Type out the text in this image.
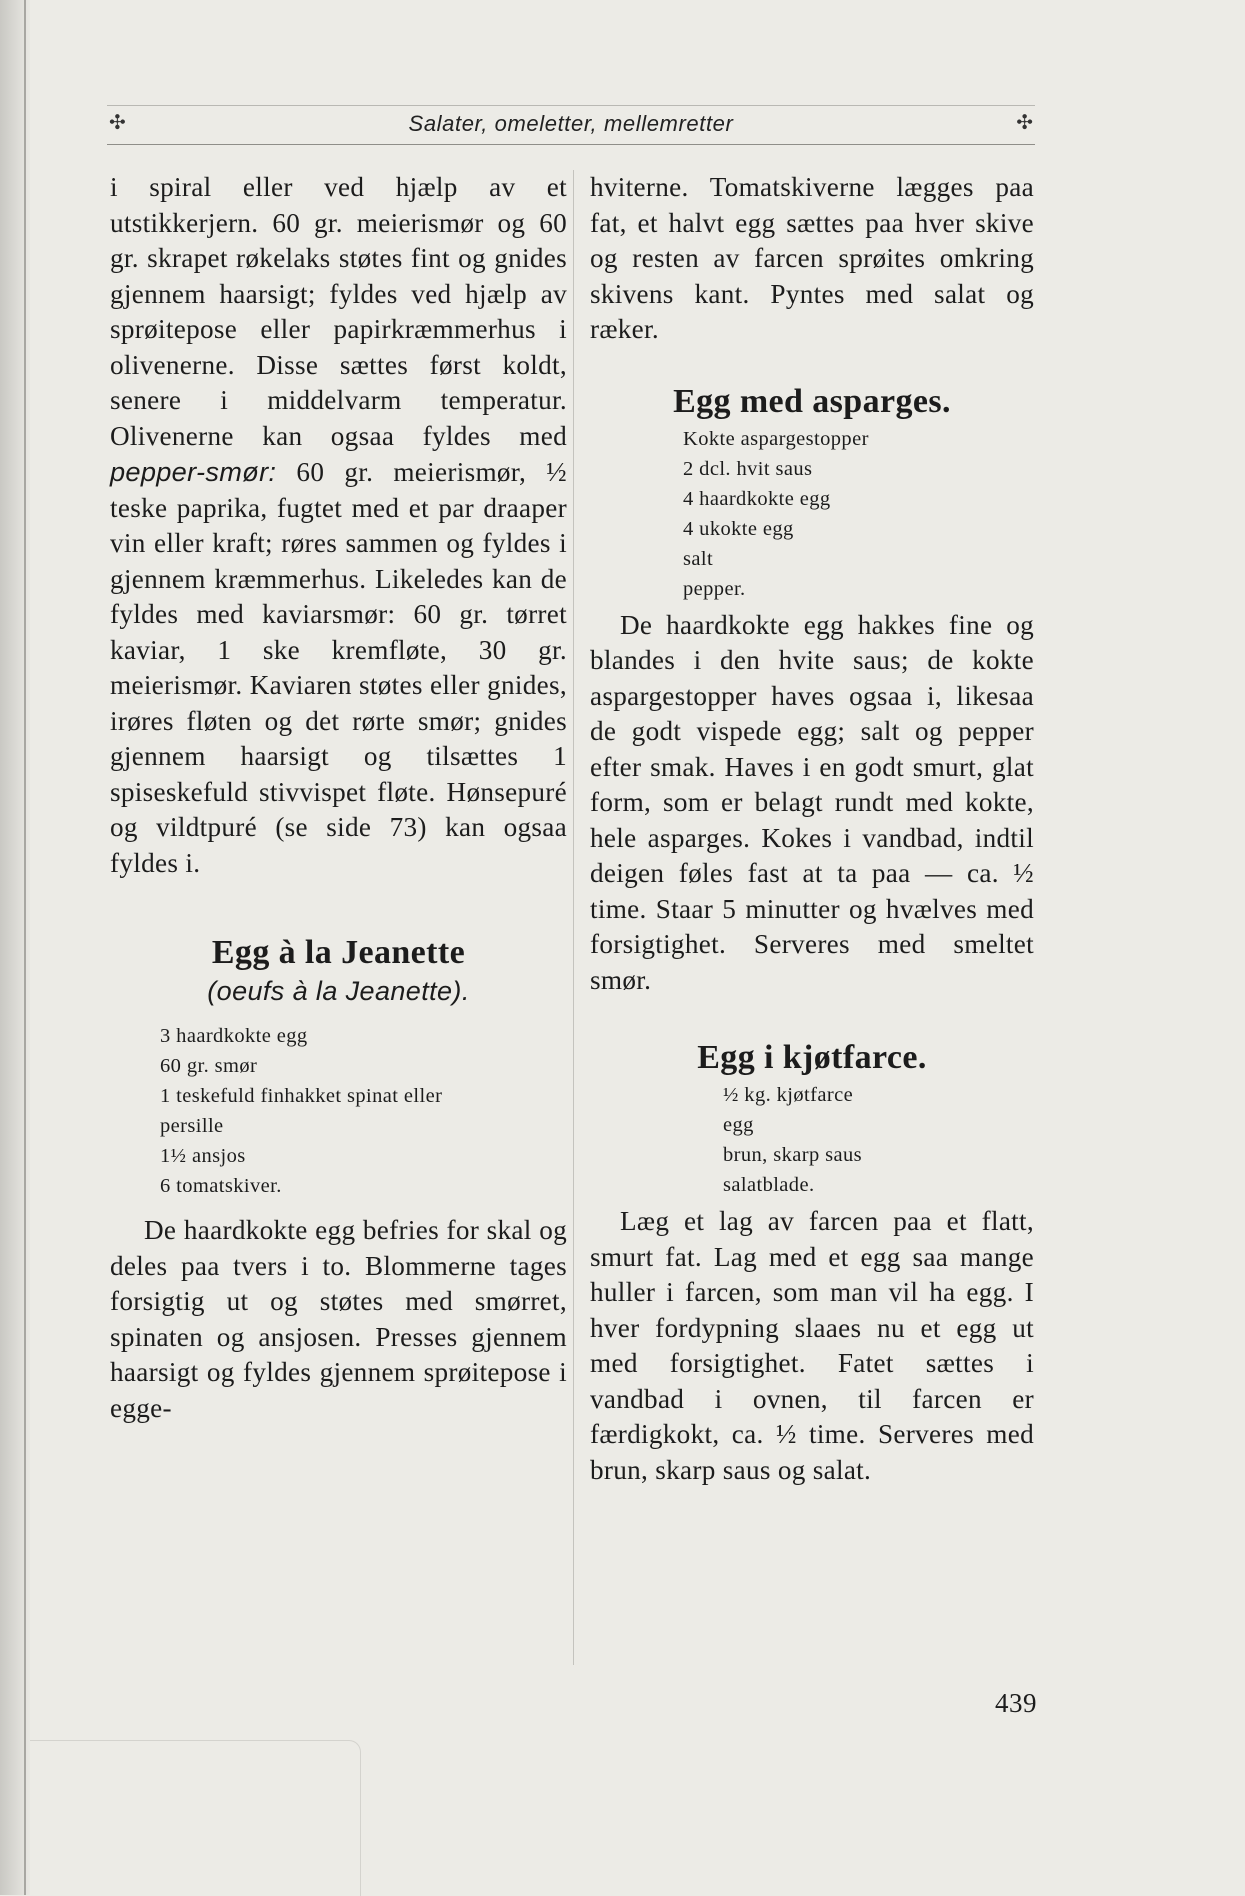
✣	Salater, omeletter, mellemretter	✣

i spiral eller ved hjælp av et utstikkerjern. 60 gr. meierismør og 60 gr. skrapet røkelaks støtes fint og gnides gjennem haarsigt; fyldes ved hjælp av sprøitepose eller papirkræmmerhus i olivenerne. Disse sættes først koldt, senere i middelvarm temperatur. Olivenerne kan ogsaa fyldes med pepper-smør: 60 gr. meierismør, ½ teske paprika, fugtet med et par draaper vin eller kraft; røres sammen og fyldes i gjennem kræmmerhus. Likeledes kan de fyldes med kaviarsmør: 60 gr. tørret kaviar, 1 ske kremfløte, 30 gr. meierismør. Kaviaren støtes eller gnides, irøres fløten og det rørte smør; gnides gjennem haarsigt og tilsættes 1 spiseskefuld stivvispet fløte. Hønsepuré og vildtpuré (se side 73) kan ogsaa fyldes i.

Egg à la Jeanette

(oeufs à la Jeanette).

3 haardkokte egg
60 gr. smør
1 teskefuld finhakket spinat eller
persille
1½ ansjos
6 tomatskiver.

De haardkokte egg befries for skal og deles paa tvers i to. Blommerne tages forsigtig ut og støtes med smørret, spinaten og ansjosen. Presses gjennem haarsigt og fyldes gjennem sprøitepose i egge-

hviterne. Tomatskiverne lægges paa fat, et halvt egg sættes paa hver skive og resten av farcen sprøites omkring skivens kant. Pyntes med salat og ræker.

Egg med asparges.
Kokte aspargestopper
2 dcl. hvit saus
4 haardkokte egg
4 ukokte egg
salt
pepper.

De haardkokte egg hakkes fine og blandes i den hvite saus; de kokte aspargestopper haves ogsaa i, likesaa de godt vispede egg; salt og pepper efter smak. Haves i en godt smurt, glat form, som er belagt rundt med kokte, hele asparges. Kokes i vandbad, indtil deigen føles fast at ta paa — ca. ½ time. Staar 5 minutter og hvælves med forsigtighet. Serveres med smeltet smør.

Egg i kjøtfarce.
½ kg. kjøtfarce
egg
brun, skarp saus
salatblade.

Læg et lag av farcen paa et flatt, smurt fat. Lag med et egg saa mange huller i farcen, som man vil ha egg. I hver fordypning slaaes nu et egg ut med forsigtighet. Fatet sættes i vandbad i ovnen, til farcen er færdigkokt, ca. ½ time. Serveres med brun, skarp saus og salat.

439
